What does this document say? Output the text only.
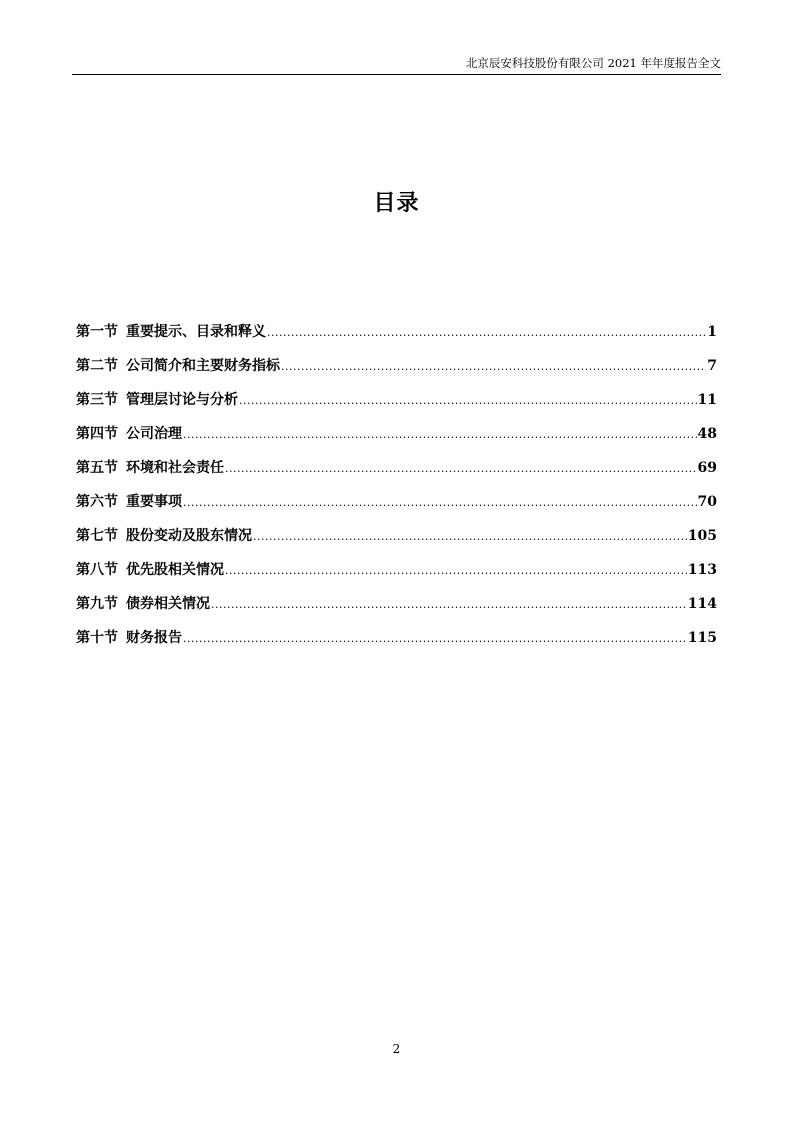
北京辰安科技股份有限公司 2021 年年度报告全文
目录
第一节 重要提示、目录和释义 .....	1
第二节 公司简介和主要财务指标 .....	7
第三节 管理层讨论与分析 .....	11
第四节 公司治理 .....	48
第五节 环境和社会责任 .....	69
第六节 重要事项 .....	70
第七节 股份变动及股东情况 .....	105
第八节 优先股相关情况 .....	113
第九节 债券相关情况 .....	114
第十节 财务报告 .....	115
2
